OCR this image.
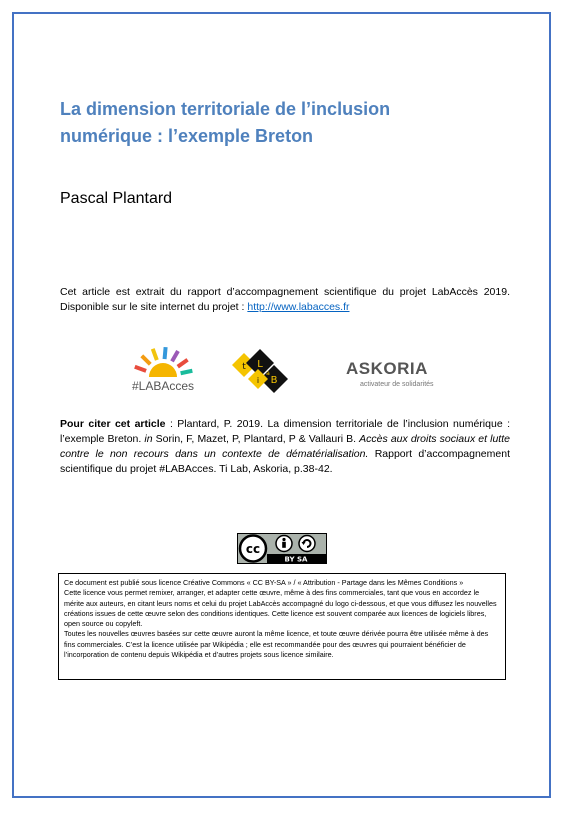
La dimension territoriale de l’inclusion
numérique : l’exemple Breton

Pascal Plantard

Cet article est extrait du rapport d’accompagnement scientifique du projet LabAccès 2019. Disponible sur le site internet du projet : http://www.labacces.fr

#LABAcces
t L
i B
a	ASKORIA
activateur de solidarités

Pour citer cet article : Plantard, P. 2019. La dimension territoriale de l’inclusion numérique : l’exemple Breton. in Sorin, F, Mazet, P, Plantard, P & Vallauri B. Accès aux droits sociaux et lutte contre le non recours dans un contexte de dématérialisation. Rapport d’accompagnement scientifique du projet #LABAcces. Ti Lab, Askoria, p.38-42.

cc
BY SA

Ce document est publié sous licence Créative Commons « CC BY-SA » / « Attribution - Partage dans les Mêmes Conditions »

Cette licence vous permet remixer, arranger, et adapter cette œuvre, même à des fins commerciales, tant que vous en accordez le mérite aux auteurs, en citant leurs noms et celui du projet LabAccès accompagné du logo ci-dessous, et que vous diffusez les nouvelles créations issues de cette œuvre selon des conditions identiques. Cette licence est souvent comparée aux licences de logiciels libres, open source ou copyleft.

Toutes les nouvelles œuvres basées sur cette œuvre auront la même licence, et toute œuvre dérivée pourra être utilisée même à des fins commerciales. C’est la licence utilisée par Wikipédia ; elle est recommandée pour des œuvres qui pourraient bénéficier de l’incorporation de contenu depuis Wikipédia et d’autres projets sous licence similaire.
